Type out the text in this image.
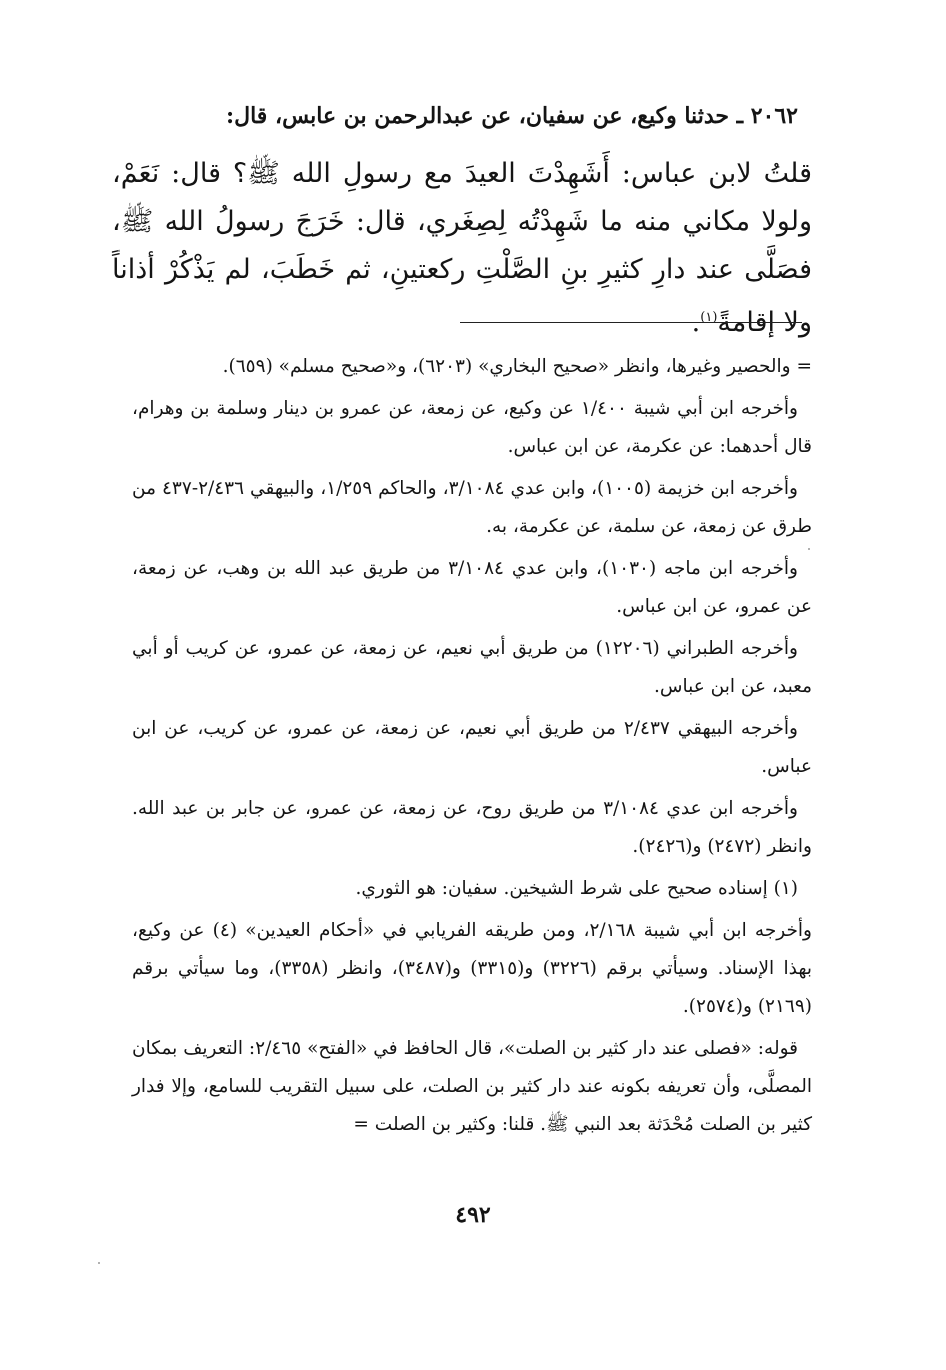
٢٠٦٢ ـ حدثنا وكيع، عن سفيان، عن عبدالرحمن بن عابس، قال:
قلتُ لابن عباس: أَشَهِدْتَ العيدَ مع رسولِ الله ﷺ؟ قال: نَعَمْ، ولولا مكاني منه ما شَهِدْتُه لِصِغَري، قال: خَرَجَ رسولُ الله ﷺ، فصَلَّى عند دارِ كثيرِ بنِ الصَّلْتِ ركعتينِ، ثم خَطَبَ، لم يَذْكُرْ أذاناً ولا إقامةً$^{(١)}$.

= والحصير وغيرها، وانظر «صحيح البخاري» (٦٢٠٣)، و«صحيح مسلم» (٦٥٩).

وأخرجه ابن أبي شيبة ١/٤٠٠ عن وكيع، عن زمعة، عن عمرو بن دينار وسلمة بن وهرام، قال أحدهما: عن عكرمة، عن ابن عباس.

وأخرجه ابن خزيمة (١٠٠٥)، وابن عدي ٣/١٠٨٤، والحاكم ١/٢٥٩، والبيهقي ٢/٤٣٦-٤٣٧ من طرق عن زمعة، عن سلمة، عن عكرمة، به.

وأخرجه ابن ماجه (١٠٣٠)، وابن عدي ٣/١٠٨٤ من طريق عبد الله بن وهب، عن زمعة، عن عمرو، عن ابن عباس.

وأخرجه الطبراني (١٢٢٠٦) من طريق أبي نعيم، عن زمعة، عن عمرو، عن كريب أو أبي معبد، عن ابن عباس.

وأخرجه البيهقي ٢/٤٣٧ من طريق أبي نعيم، عن زمعة، عن عمرو، عن كريب، عن ابن عباس.

وأخرجه ابن عدي ٣/١٠٨٤ من طريق روح، عن زمعة، عن عمرو، عن جابر بن عبد الله. وانظر (٢٤٧٢) و(٢٤٢٦).

(١) إسناده صحيح على شرط الشيخين. سفيان: هو الثوري.

وأخرجه ابن أبي شيبة ٢/١٦٨، ومن طريقه الفريابي في «أحكام العيدين» (٤) عن وكيع، بهذا الإسناد. وسيأتي برقم (٣٢٢٦) و(٣٣١٥) و(٣٤٨٧)، وانظر (٣٣٥٨)، وما سيأتي برقم (٢١٦٩) و(٢٥٧٤).

قوله: «فصلى عند دار كثير بن الصلت»، قال الحافظ في «الفتح» ٢/٤٦٥: التعريف بمكان المصلَّى، وأن تعريفه بكونه عند دار كثير بن الصلت، على سبيل التقريب للسامع، وإلا فدار كثير بن الصلت مُحْدَثة بعد النبي ﷺ. قلنا: وكثير بن الصلت =

٤٩٢
